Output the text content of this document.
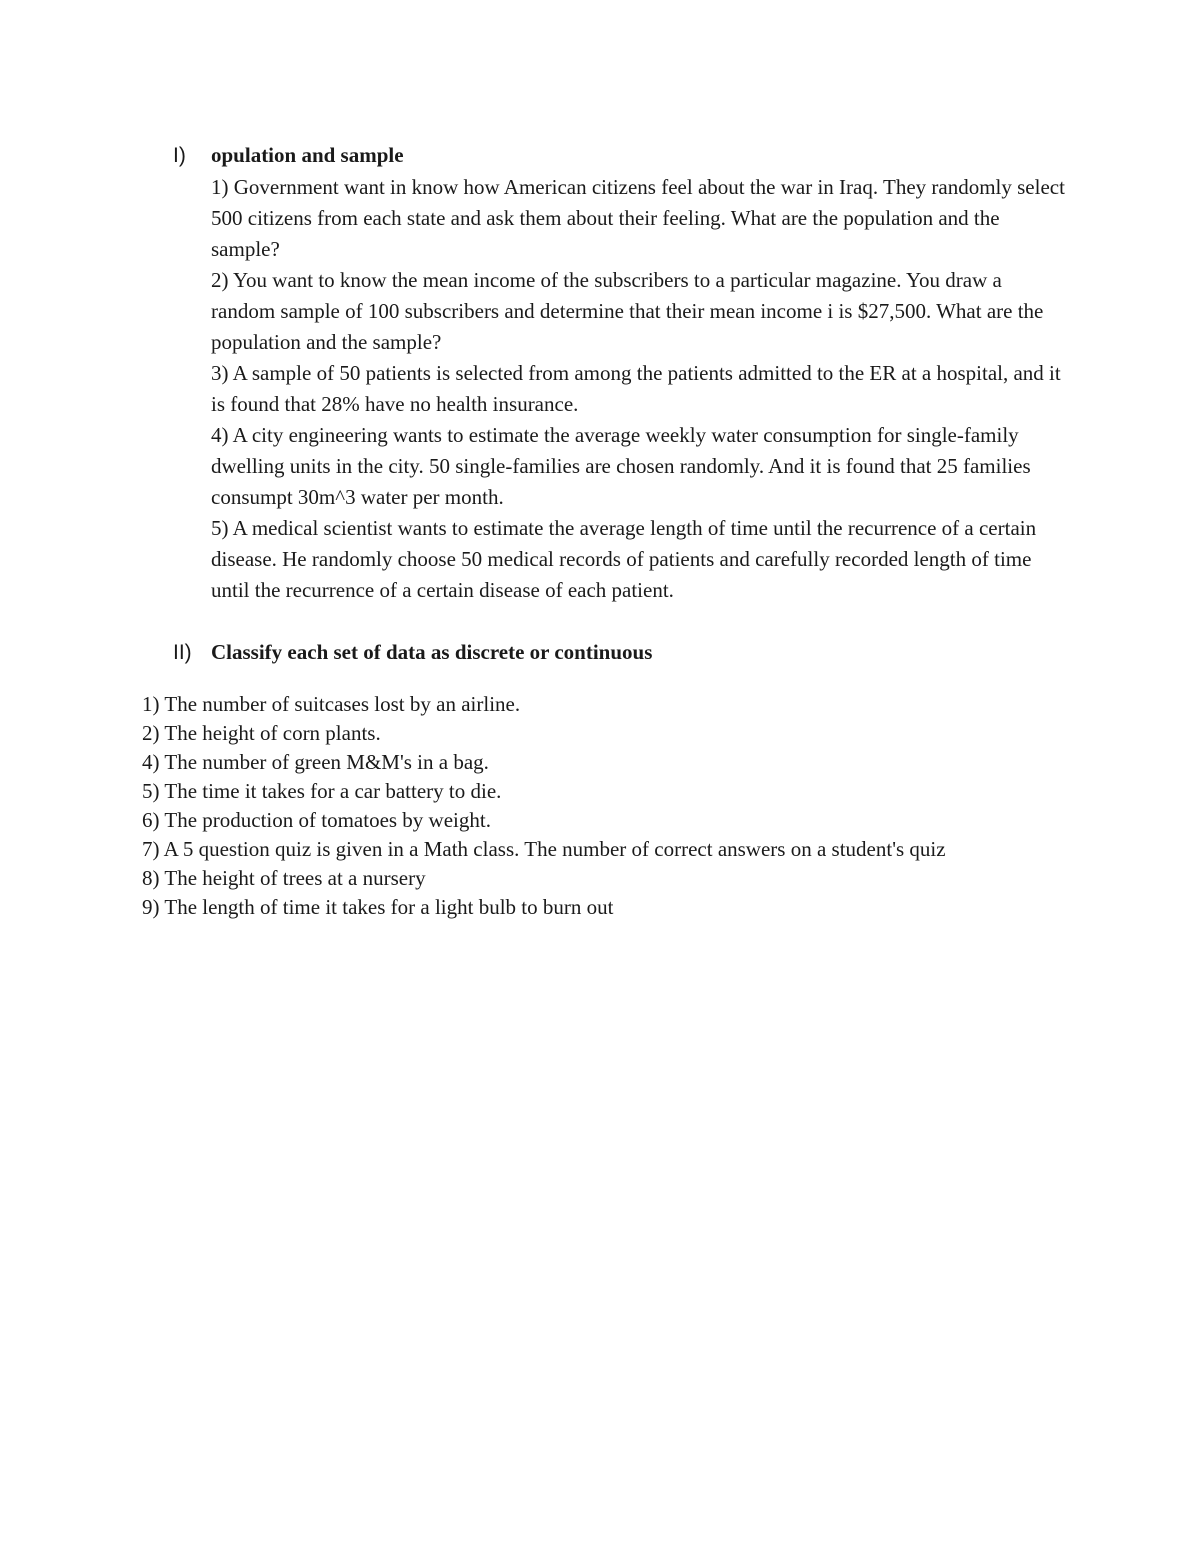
I)	opulation and sample

1) Government want in know how American citizens feel about the war in Iraq. They randomly select 500 citizens from each state and ask them about their feeling. What are the population and the sample?

2) You want to know the mean income of the subscribers to a particular magazine. You draw a random sample of 100 subscribers and determine that their mean income i is $27,500. What are the population and the sample?

3) A sample of 50 patients is selected from among the patients admitted to the ER at a hospital, and it is found that 28% have no health insurance.

4) A city engineering wants to estimate the average weekly water consumption for single-family dwelling units in the city. 50 single-families are chosen randomly. And it is found that 25 families consumpt 30m^3 water per month.

5) A medical scientist wants to estimate the average length of time until the recurrence of a certain disease. He randomly choose 50 medical records of patients and carefully recorded length of time until the recurrence of a certain disease of each patient.

II) Classify each set of data as discrete or continuous
1) The number of suitcases lost by an airline.
2) The height of corn plants.
4) The number of green M&M's in a bag.
5) The time it takes for a car battery to die.
6) The production of tomatoes by weight.
7) A 5 question quiz is given in a Math class. The number of correct answers on a student's quiz
8) The height of trees at a nursery
9) The length of time it takes for a light bulb to burn out
